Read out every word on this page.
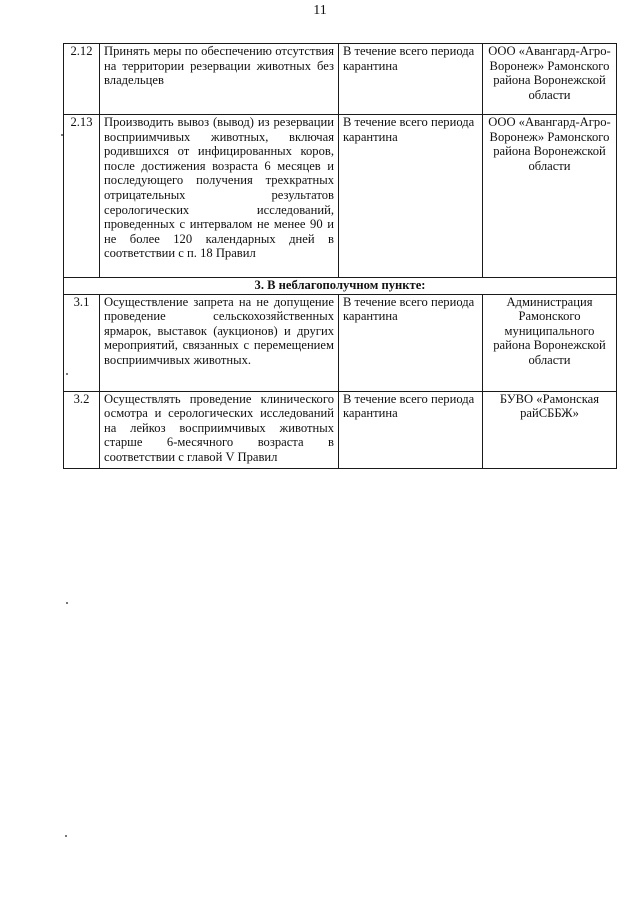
11
2.12	Принять меры по обеспечению отсутствия на территории резервации животных без владельцев	В течение всего периода карантина	ООО «Авангард-Агро-Воронеж» Рамонского района Воронежской области
2.13	Производить вывоз (вывод) из резервации восприимчивых животных, включая родившихся от инфицированных коров, после достижения возраста 6 месяцев и последующего получения трехкратных отрицательных результатов серологических исследований, проведенных с интервалом не менее 90 и не более 120 календарных дней в соответствии с п. 18 Правил	В течение всего периода карантина	ООО «Авангард-Агро-Воронеж» Рамонского района Воронежской области
3. В неблагополучном пункте:			
3.1	Осуществление запрета на не допущение проведение сельскохозяйственных ярмарок, выставок (аукционов) и других мероприятий, связанных с перемещением восприимчивых животных.	В течение всего периода карантина	Администрация Рамонского муниципального района Воронежской области
3.2	Осуществлять проведение клинического осмотра и серологических исследований на лейкоз восприимчивых животных старше 6-месячного возраста в соответствии с главой V Правил	В течение всего периода карантина	БУВО «Рамонская райСББЖ»
